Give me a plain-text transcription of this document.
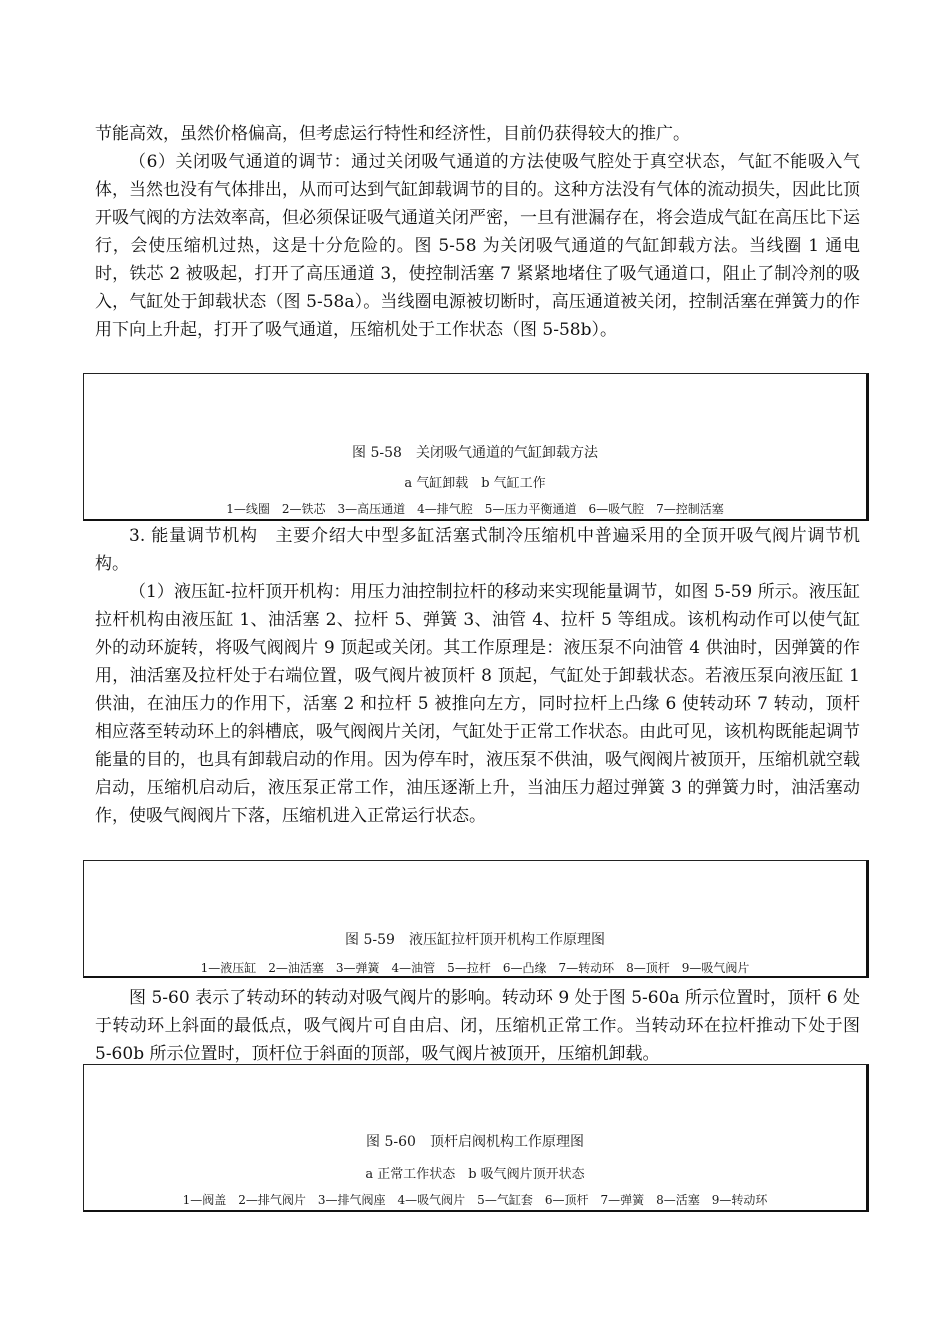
节能高效，虽然价格偏高，但考虑运行特性和经济性，目前仍获得较大的推广。

（6）关闭吸气通道的调节：通过关闭吸气通道的方法使吸气腔处于真空状态，气缸不能吸入气体，当然也没有气体排出，从而可达到气缸卸载调节的目的。这种方法没有气体的流动损失，因此比顶开吸气阀的方法效率高，但必须保证吸气通道关闭严密，一旦有泄漏存在，将会造成气缸在高压比下运行，会使压缩机过热，这是十分危险的。图 5-58 为关闭吸气通道的气缸卸载方法。当线圈 1 通电时，铁芯 2 被吸起，打开了高压通道 3，使控制活塞 7 紧紧地堵住了吸气通道口，阻止了制冷剂的吸入，气缸处于卸载状态（图 5-58a）。当线圈电源被切断时，高压通道被关闭，控制活塞在弹簧力的作用下向上升起，打开了吸气通道，压缩机处于工作状态（图 5-58b）。

图 5-58　关闭吸气通道的气缸卸载方法
a 气缸卸载　b 气缸工作
1—线圈　2—铁芯　3—高压通道　4—排气腔　5—压力平衡通道　6—吸气腔　7—控制活塞

3. 能量调节机构　主要介绍大中型多缸活塞式制冷压缩机中普遍采用的全顶开吸气阀片调节机构。

（1）液压缸-拉杆顶开机构：用压力油控制拉杆的移动来实现能量调节，如图 5-59 所示。液压缸拉杆机构由液压缸 1、油活塞 2、拉杆 5、弹簧 3、油管 4、拉杆 5 等组成。该机构动作可以使气缸外的动环旋转，将吸气阀阀片 9 顶起或关闭。其工作原理是：液压泵不向油管 4 供油时，因弹簧的作用，油活塞及拉杆处于右端位置，吸气阀片被顶杆 8 顶起，气缸处于卸载状态。若液压泵向液压缸 1 供油，在油压力的作用下，活塞 2 和拉杆 5 被推向左方，同时拉杆上凸缘 6 使转动环 7 转动，顶杆相应落至转动环上的斜槽底，吸气阀阀片关闭，气缸处于正常工作状态。由此可见，该机构既能起调节能量的目的，也具有卸载启动的作用。因为停车时，液压泵不供油，吸气阀阀片被顶开，压缩机就空载启动，压缩机启动后，液压泵正常工作，油压逐渐上升，当油压力超过弹簧 3 的弹簧力时，油活塞动作，使吸气阀阀片下落，压缩机进入正常运行状态。

图 5-59　液压缸拉杆顶开机构工作原理图
1—液压缸　2—油活塞　3—弹簧　4—油管　5—拉杆　6—凸缘　7—转动环　8—顶杆　9—吸气阀片

图 5-60 表示了转动环的转动对吸气阀片的影响。转动环 9 处于图 5-60a 所示位置时，顶杆 6 处于转动环上斜面的最低点，吸气阀片可自由启、闭，压缩机正常工作。当转动环在拉杆推动下处于图 5-60b 所示位置时，顶杆位于斜面的顶部，吸气阀片被顶开，压缩机卸载。

图 5-60　顶杆启阀机构工作原理图
a 正常工作状态　b 吸气阀片顶开状态
1—阀盖　2—排气阀片　3—排气阀座　4—吸气阀片　5—气缸套　6—顶杆　7—弹簧　8—活塞　9—转动环
